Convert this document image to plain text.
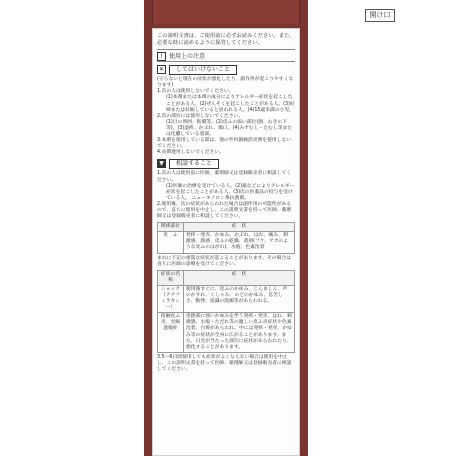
開け口
この説明文書は、ご使用前に必ずお読みください。また、必要な時に読めるように保管してください。
!	使用上の注意
✕	してはいけないこと

(守らないと現在の症状が悪化したり、副作用が起こりやすくなります)

1.次の人は使用しないでください。

(1)本剤または本剤の成分によりアレルギー症状を起こしたことがある人。(2)ぜんそくを起こしたことがある人。(3)妊婦または妊娠していると思われる人。(4)15歳未満の小児。

2.次の部位には使用しないでください。

(1)目の周囲、粘膜等。(2)皮ふの弱い部位(顔、わきの下等)。(3)湿疹、かぶれ、傷口。(4)みずむし・たむし等または化膿している患部。

3.本剤を使用している間は、他の外用鎮痛消炎剤を使用しないでください。

4.長期連用しないでください。

▼	相談すること

1.次の人は使用前に医師、薬剤師又は登録販売者に相談してください。

(1)医師の治療を受けている人。(2)薬などによりアレルギー症状を起こしたことがある人。(3)次の医薬品の投与を受けている人。 ニューキノロン系抗菌剤。

2.使用後、次の症状があらわれた場合は副作用の可能性があるので、直ちに使用を中止し、この説明文書を持って医師、薬剤師又は登録販売者に相談してください。

関係部位	症　状
皮　ふ	発疹・発赤、かゆみ、かぶれ、はれ、痛み、刺激感、熱感、皮ふの乾燥、落屑(フケ、アカのような皮ふのはがれ)、水疱、色素沈着

まれに下記の重篤な症状が起こることがあります。その場合は直ちに医師の診療を受けてください。

症状の名称	症　状
ショック（アナフィラキシー）	使用後すぐに、皮ふのかゆみ、じんましん、声のかすれ、くしゃみ、のどのかゆみ、息苦しさ、動悸、意識の混濁等があらわれる。
接触皮ふ炎、光線過敏症	塗擦部に強いかゆみを伴う発疹・発赤、はれ、刺激感、水疱・ただれ等の激しい皮ふ炎症状や色素沈着、白斑があらわれ、中には発疹・発赤、かゆみ等の症状が全身に広がることがあります。また、日光が当たった部位に症状があらわれたり、悪化することがあります。

3.5～6日間使用しても症状がよくならない場合は使用を中止し、この説明文書を持って医師、薬剤師又は登録販売者に相談してください。
